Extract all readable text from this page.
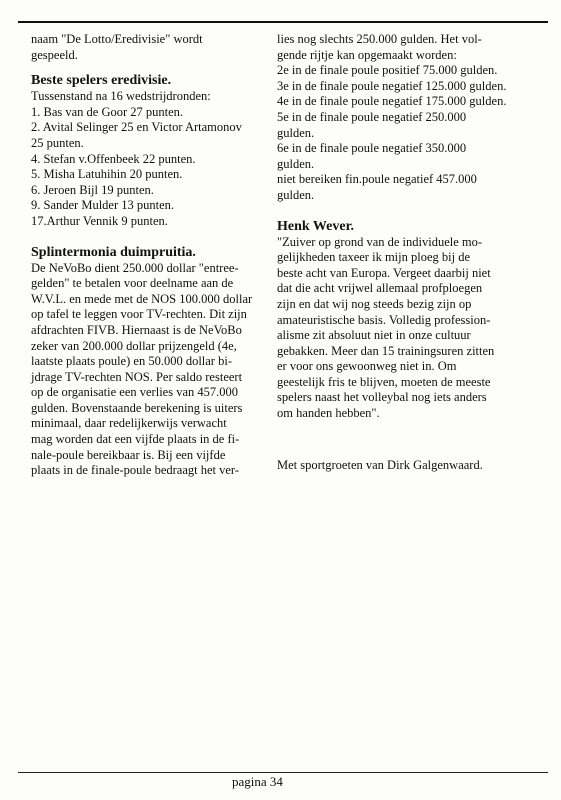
naam "De Lotto/Eredivisie" wordt
gespeeld.
Beste spelers eredivisie.
Tussenstand na 16 wedstrijdronden:
1. Bas van de Goor 27 punten.
2. Avital Selinger 25 en Victor Artamonov
25 punten.
4. Stefan v.Offenbeek 22 punten.
5. Misha Latuhihin 20 punten.
6. Jeroen Bijl 19 punten.
9. Sander Mulder 13 punten.
17.Arthur Vennik 9 punten.
Splintermonia duimpruitia.
De NeVoBo dient 250.000 dollar "entree-
gelden" te betalen voor deelname aan de
W.V.L. en mede met de NOS 100.000 dollar
op tafel te leggen voor TV-rechten. Dit zijn
afdrachten FIVB. Hiernaast is de NeVoBo
zeker van 200.000 dollar prijzengeld (4e,
laatste plaats poule) en 50.000 dollar bi-
jdrage TV-rechten NOS. Per saldo resteert
op de organisatie een verlies van 457.000
gulden. Bovenstaande berekening is uiters
minimaal, daar redelijkerwijs verwacht
mag worden dat een vijfde plaats in de fi-
nale-poule bereikbaar is. Bij een vijfde
plaats in de finale-poule bedraagt het ver-
lies nog slechts 250.000 gulden. Het vol-
gende rijtje kan opgemaakt worden:
2e in de finale poule positief 75.000 gulden.
3e in de finale poule negatief 125.000 gulden.
4e in de finale poule negatief 175.000 gulden.
5e in de finale poule negatief 250.000
gulden.
6e in de finale poule negatief 350.000
gulden.
niet bereiken fin.poule negatief 457.000
gulden.
Henk Wever.
"Zuiver op grond van de individuele mo-
gelijkheden taxeer ik mijn ploeg bij de
beste acht van Europa. Vergeet daarbij niet
dat die acht vrijwel allemaal profploegen
zijn en dat wij nog steeds bezig zijn op
amateuristische basis. Volledig profession-
alisme zit absoluut niet in onze cultuur
gebakken. Meer dan 15 trainingsuren zitten
er voor ons gewoonweg niet in. Om
geestelijk fris te blijven, moeten de meeste
spelers naast het volleybal nog iets anders
om handen hebben".
Met sportgroeten van Dirk Galgenwaard.
pagina 34
